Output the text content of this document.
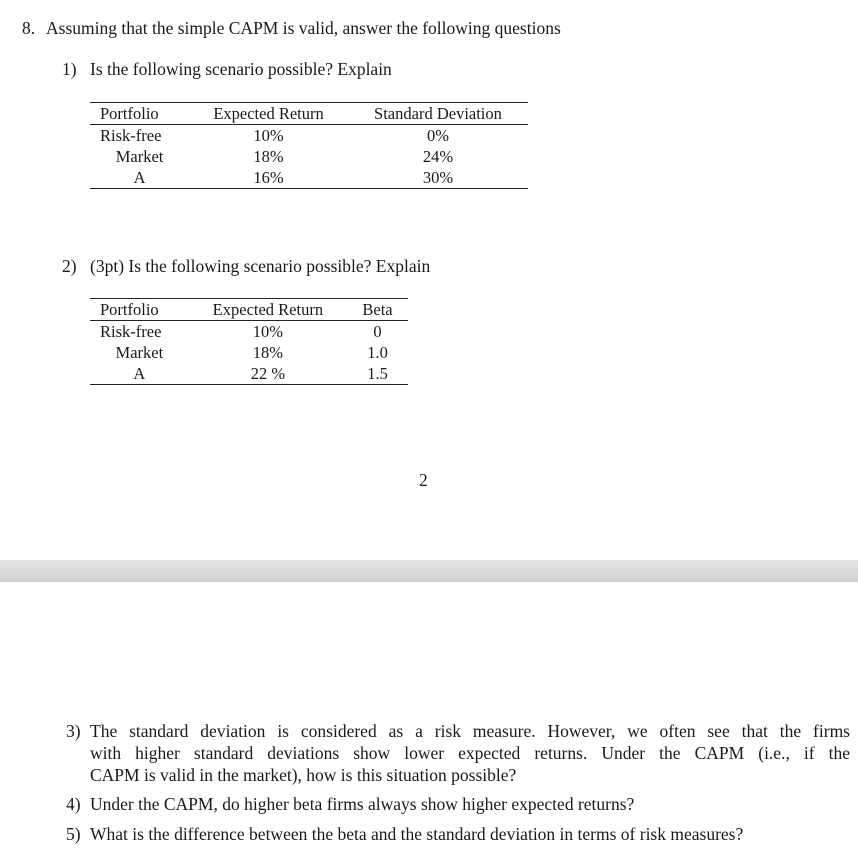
8. Assuming that the simple CAPM is valid, answer the following questions
1) Is the following scenario possible? Explain
Portfolio	Expected Return	Standard Deviation
Risk-free	10%	0%
Market	18%	24%
A	16%	30%
2) (3pt) Is the following scenario possible? Explain
Portfolio	Expected Return	Beta
Risk-free	10%	0
Market	18%	1.0
A	22 %	1.5
2
3) The standard deviation is considered as a risk measure. However, we often see that the firms
with higher standard deviations show lower expected returns. Under the CAPM (i.e., if the
CAPM is valid in the market), how is this situation possible?
4) Under the CAPM, do higher beta firms always show higher expected returns?
5) What is the difference between the beta and the standard deviation in terms of risk measures?
